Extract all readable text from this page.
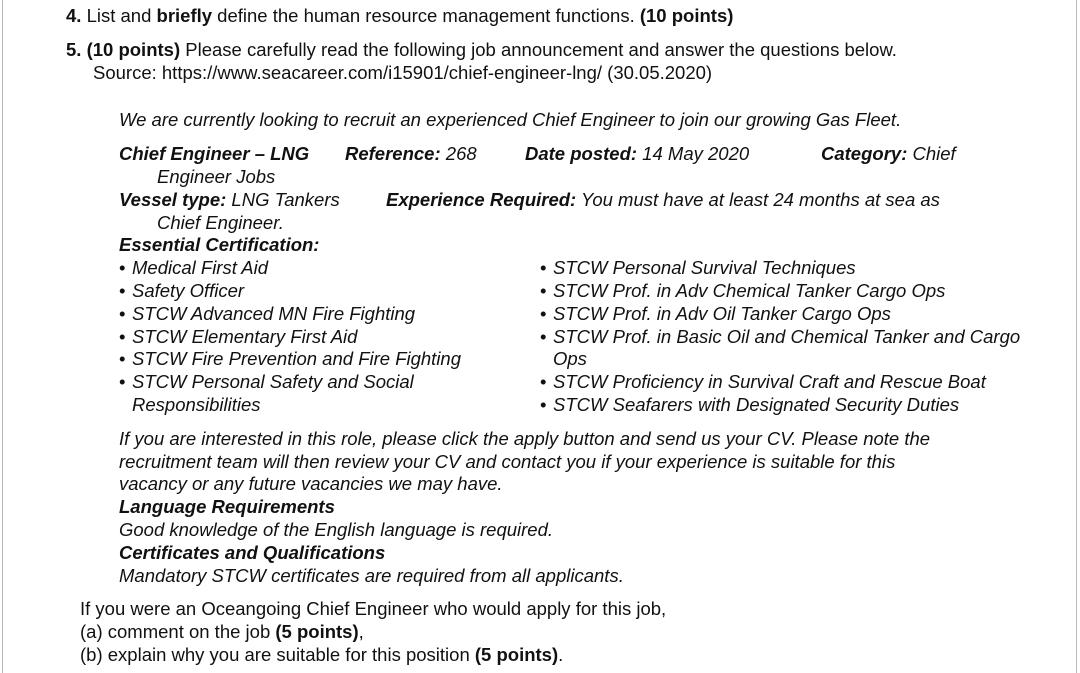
4. List and briefly define the human resource management functions. (10 points)
5. (10 points) Please carefully read the following job announcement and answer the questions below.
Source: https://www.seacareer.com/i15901/chief-engineer-lng/ (30.05.2020)
We are currently looking to recruit an experienced Chief Engineer to join our growing Gas Fleet.
Chief Engineer – LNG Reference: 268	Date posted: 14 May 2020	Category: Chief
Engineer Jobs
Vessel type: LNG Tankers	Experience Required: You must have at least 24 months at sea as
Chief Engineer.
Essential Certification:
• Medical First Aid
• Safety Officer
• STCW Advanced MN Fire Fighting
• STCW Elementary First Aid
• STCW Fire Prevention and Fire Fighting
• STCW Personal Safety and Social
Responsibilities
• STCW Personal Survival Techniques
• STCW Prof. in Adv Chemical Tanker Cargo Ops
• STCW Prof. in Adv Oil Tanker Cargo Ops
• STCW Prof. in Basic Oil and Chemical Tanker and Cargo
Ops
• STCW Proficiency in Survival Craft and Rescue Boat
• STCW Seafarers with Designated Security Duties
If you are interested in this role, please click the apply button and send us your CV. Please note the
recruitment team will then review your CV and contact you if your experience is suitable for this
vacancy or any future vacancies we may have.
Language Requirements
Good knowledge of the English language is required.
Certificates and Qualifications
Mandatory STCW certificates are required from all applicants.
If you were an Oceangoing Chief Engineer who would apply for this job,
(a) comment on the job (5 points),
(b) explain why you are suitable for this position (5 points).
